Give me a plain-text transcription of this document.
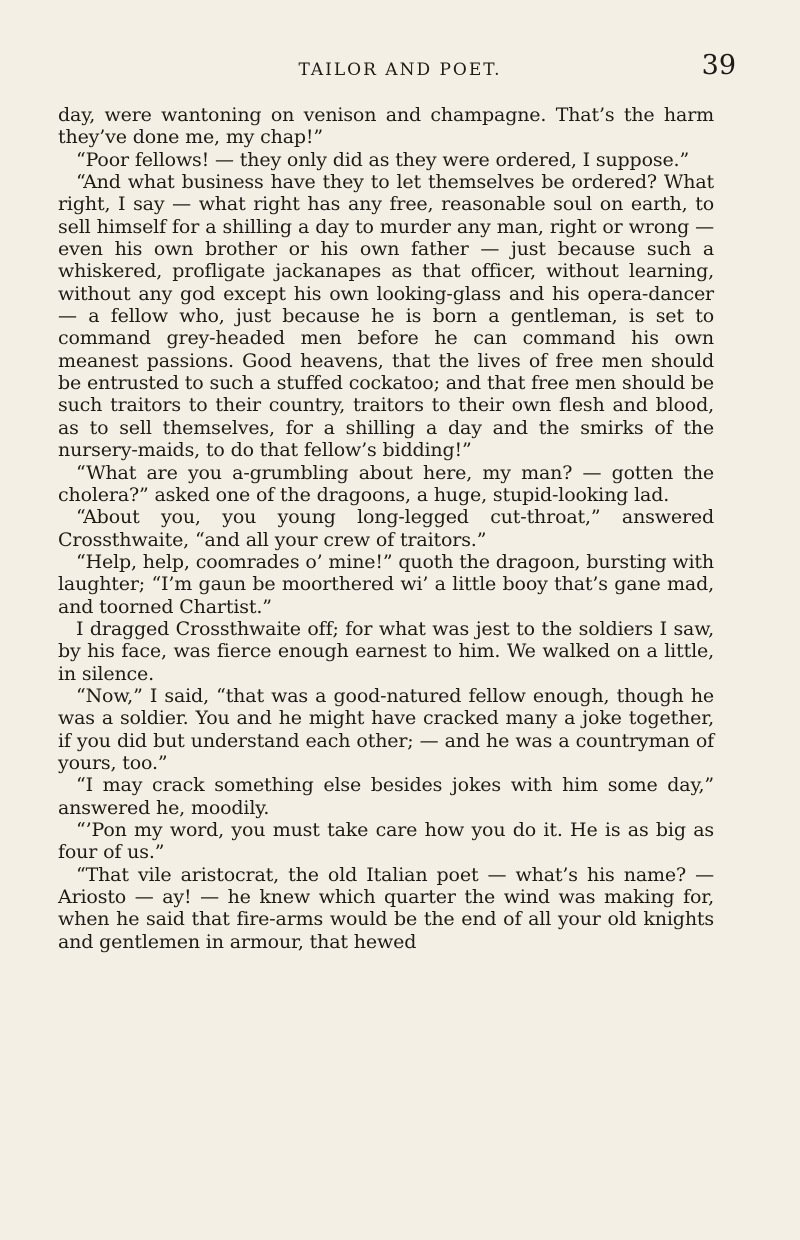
TAILOR AND POET.	39

day, were wantoning on venison and champagne. That’s the harm they’ve done me, my chap!”

“Poor fellows! — they only did as they were ordered, I suppose.”

“And what business have they to let themselves be ordered? What right, I say — what right has any free, reasonable soul on earth, to sell himself for a shilling a day to murder any man, right or wrong — even his own brother or his own father — just because such a whiskered, profligate jackanapes as that officer, without learning, without any god except his own looking-glass and his opera-dancer — a fellow who, just because he is born a gentleman, is set to command grey-headed men before he can command his own meanest passions. Good heavens, that the lives of free men should be entrusted to such a stuffed cockatoo; and that free men should be such traitors to their country, traitors to their own flesh and blood, as to sell themselves, for a shilling a day and the smirks of the nursery-maids, to do that fellow’s bidding!”

“What are you a-grumbling about here, my man? — gotten the cholera?” asked one of the dragoons, a huge, stupid-looking lad.

“About you, you young long-legged cut-throat,” answered Crossthwaite, “and all your crew of traitors.”

“Help, help, coomrades o’ mine!” quoth the dragoon, bursting with laughter; “I’m gaun be moorthered wi’ a little booy that’s gane mad, and toorned Chartist.”

I dragged Crossthwaite off; for what was jest to the soldiers I saw, by his face, was fierce enough earnest to him. We walked on a little, in silence.

“Now,” I said, “that was a good-natured fellow enough, though he was a soldier. You and he might have cracked many a joke together, if you did but understand each other; — and he was a countryman of yours, too.”

“I may crack something else besides jokes with him some day,” answered he, moodily.

“’Pon my word, you must take care how you do it. He is as big as four of us.”

“That vile aristocrat, the old Italian poet — what’s his name? — Ariosto — ay! — he knew which quarter the wind was making for, when he said that fire-arms would be the end of all your old knights and gentlemen in armour, that hewed
